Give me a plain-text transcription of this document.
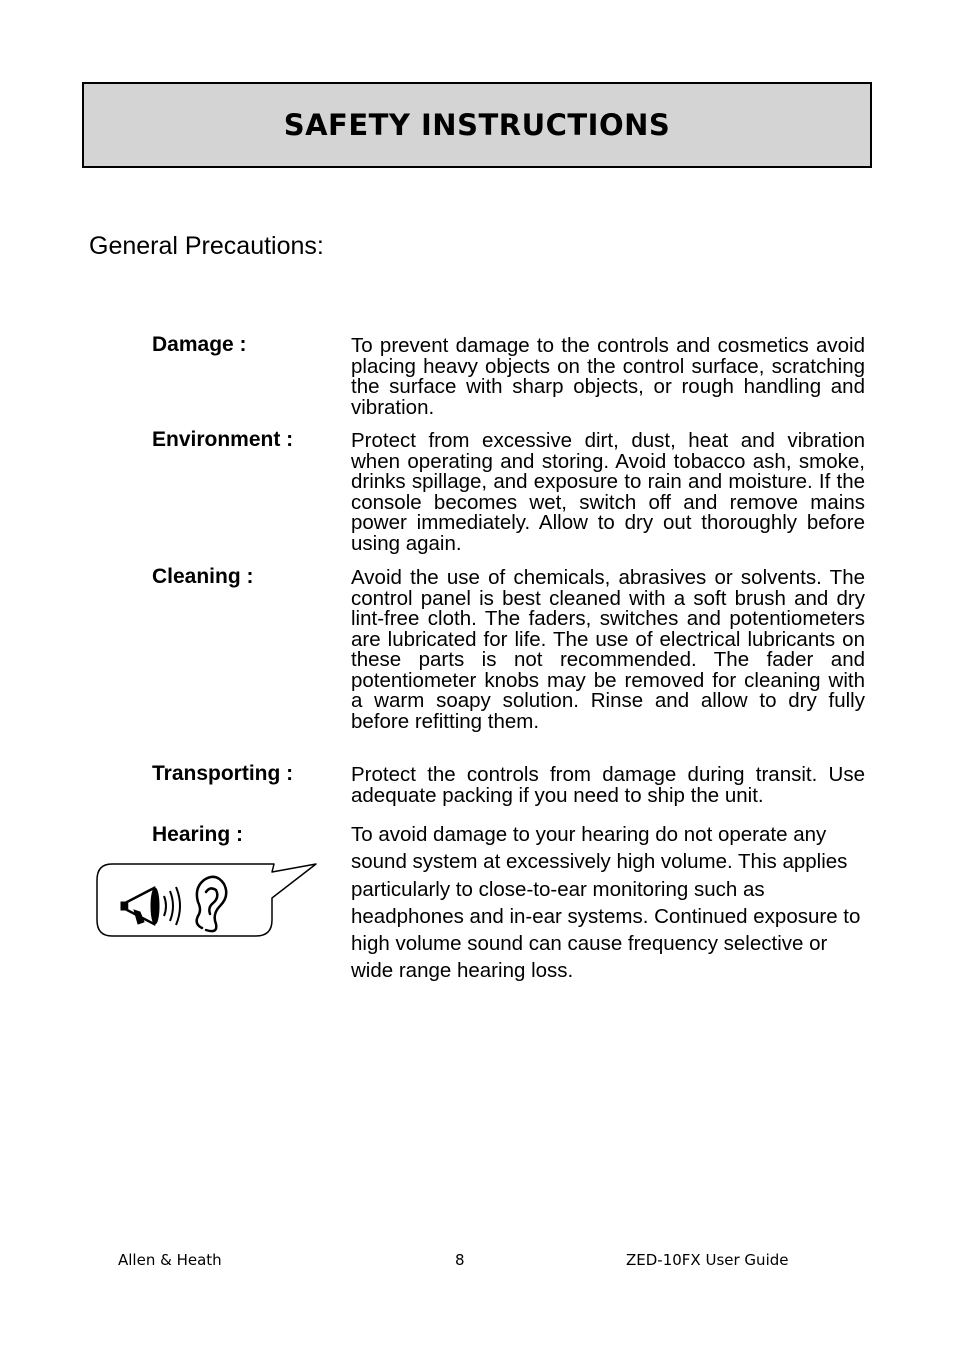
SAFETY INSTRUCTIONS
General Precautions:

Damage :	To prevent damage to the controls and cosmetics avoid placing heavy objects on the control surface, scratching the surface with sharp objects, or rough handling and vibration.

Environment :	Protect from excessive dirt, dust, heat and vibration when operating and storing. Avoid tobacco ash, smoke, drinks spillage, and exposure to rain and moisture. If the console becomes wet, switch off and remove mains power immediately. Allow to dry out thoroughly before using again.

Cleaning :	Avoid the use of chemicals, abrasives or solvents. The control panel is best cleaned with a soft brush and dry lint-free cloth. The faders, switches and potentiometers are lubricated for life. The use of electrical lubricants on these parts is not recommended. The fader and potentiometer knobs may be removed for cleaning with a warm soapy solution. Rinse and allow to dry fully before refitting them.

Transporting :	Protect the controls from damage during transit. Use adequate packing if you need to ship the unit.

Hearing :	To avoid damage to your hearing do not operate any sound system at excessively high volume. This applies particularly to close-to-ear monitoring such as headphones and in-ear systems. Continued exposure to high volume sound can cause frequency selective or wide range hearing loss.

Allen & Heath	8	ZED-10FX User Guide
